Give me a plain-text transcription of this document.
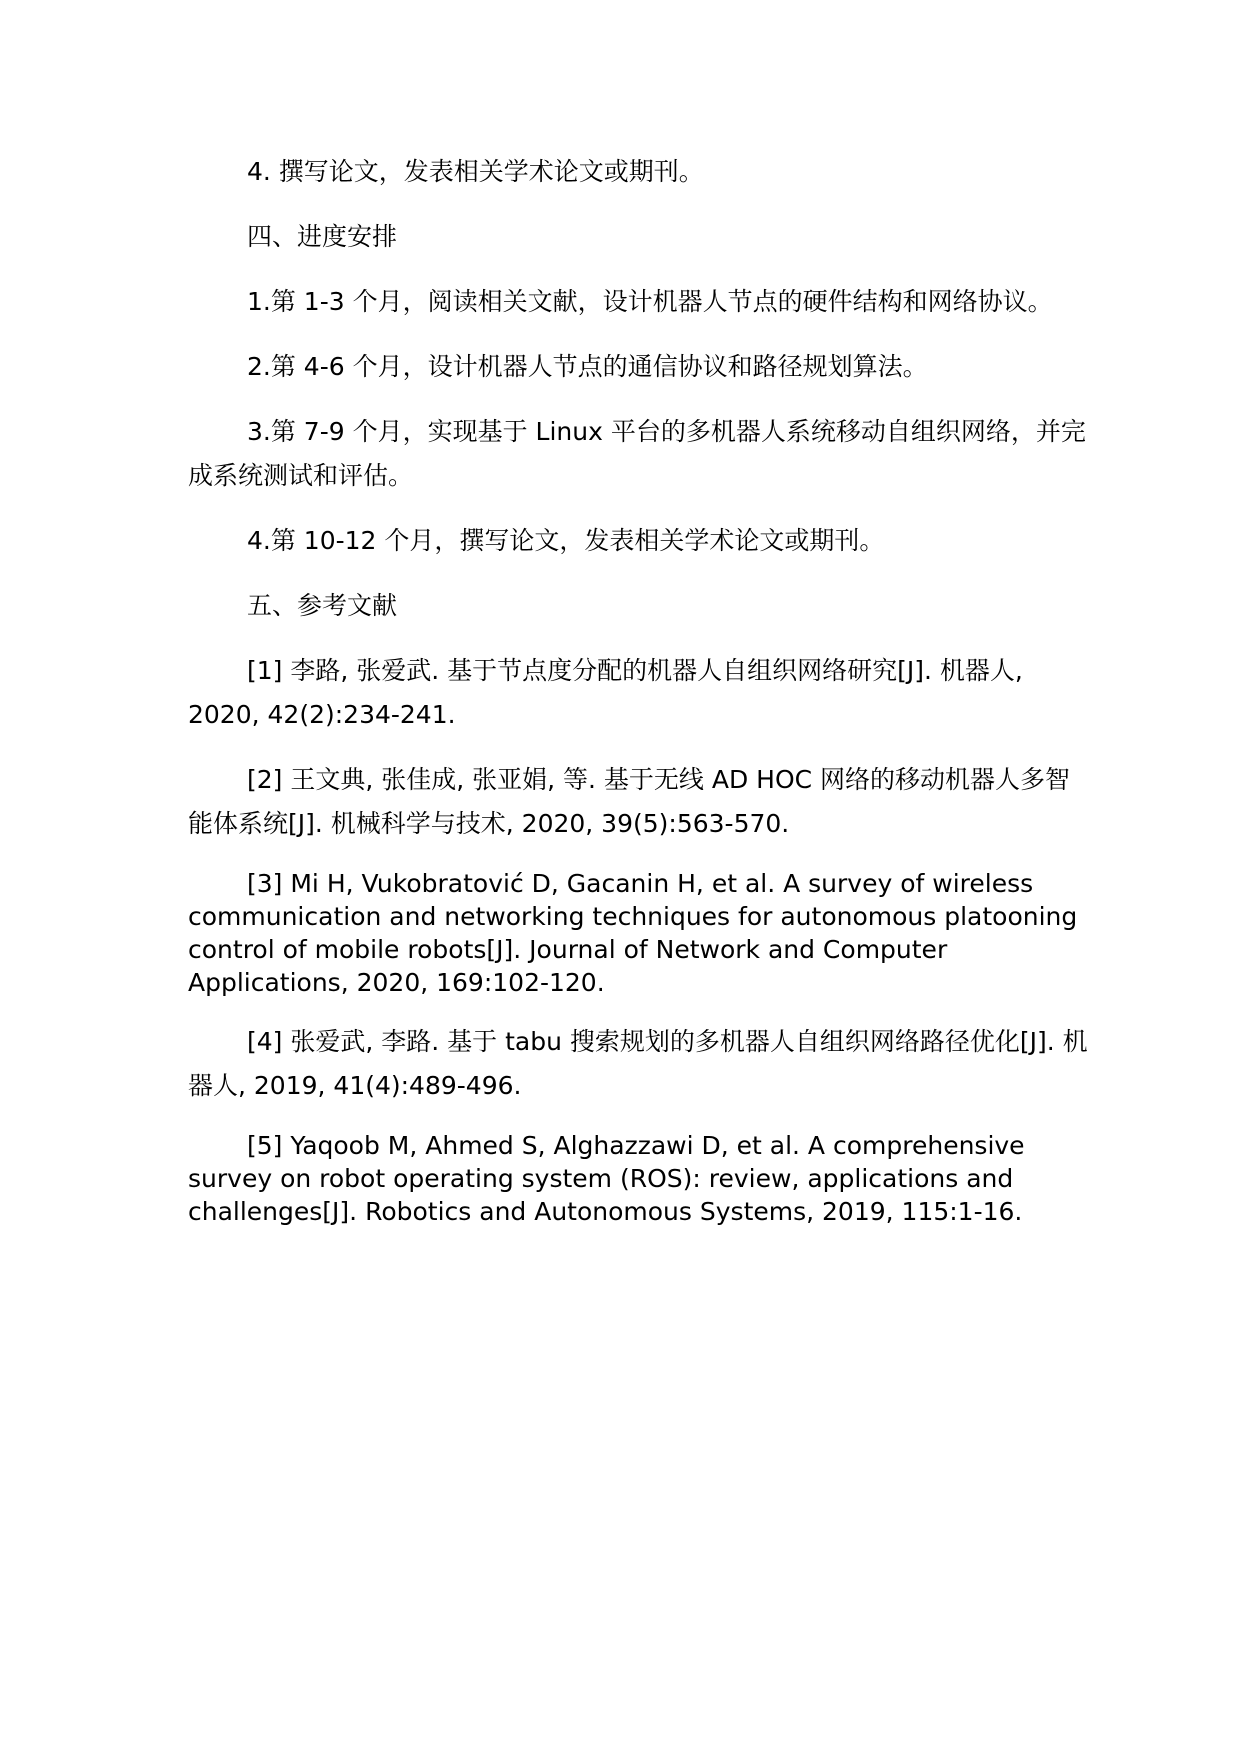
4. 撰写论文，发表相关学术论文或期刊。

四、进度安排

1.第 1-3 个月，阅读相关文献，设计机器人节点的硬件结构和网络协议。

2.第 4-6 个月，设计机器人节点的通信协议和路径规划算法。

3.第 7-9 个月，实现基于 Linux 平台的多机器人系统移动自组织网络，并完成系统测试和评估。

4.第 10-12 个月，撰写论文，发表相关学术论文或期刊。

五、参考文献

[1] 李路, 张爱武. 基于节点度分配的机器人自组织网络研究[J]. 机器人, 2020, 42(2):234-241.

[2] 王文典, 张佳成, 张亚娟, 等. 基于无线 AD HOC 网络的移动机器人多智能体系统[J]. 机械科学与技术, 2020, 39(5):563-570.

[3] Mi H, Vukobratović D, Gacanin H, et al. A survey of wireless communication and networking techniques for autonomous platooning control of mobile robots[J]. Journal of Network and Computer Applications, 2020, 169:102-120.

[4] 张爱武, 李路. 基于 tabu 搜索规划的多机器人自组织网络路径优化[J]. 机器人, 2019, 41(4):489-496.

[5] Yaqoob M, Ahmed S, Alghazzawi D, et al. A comprehensive survey on robot operating system (ROS): review, applications and challenges[J]. Robotics and Autonomous Systems, 2019, 115:1-16.
